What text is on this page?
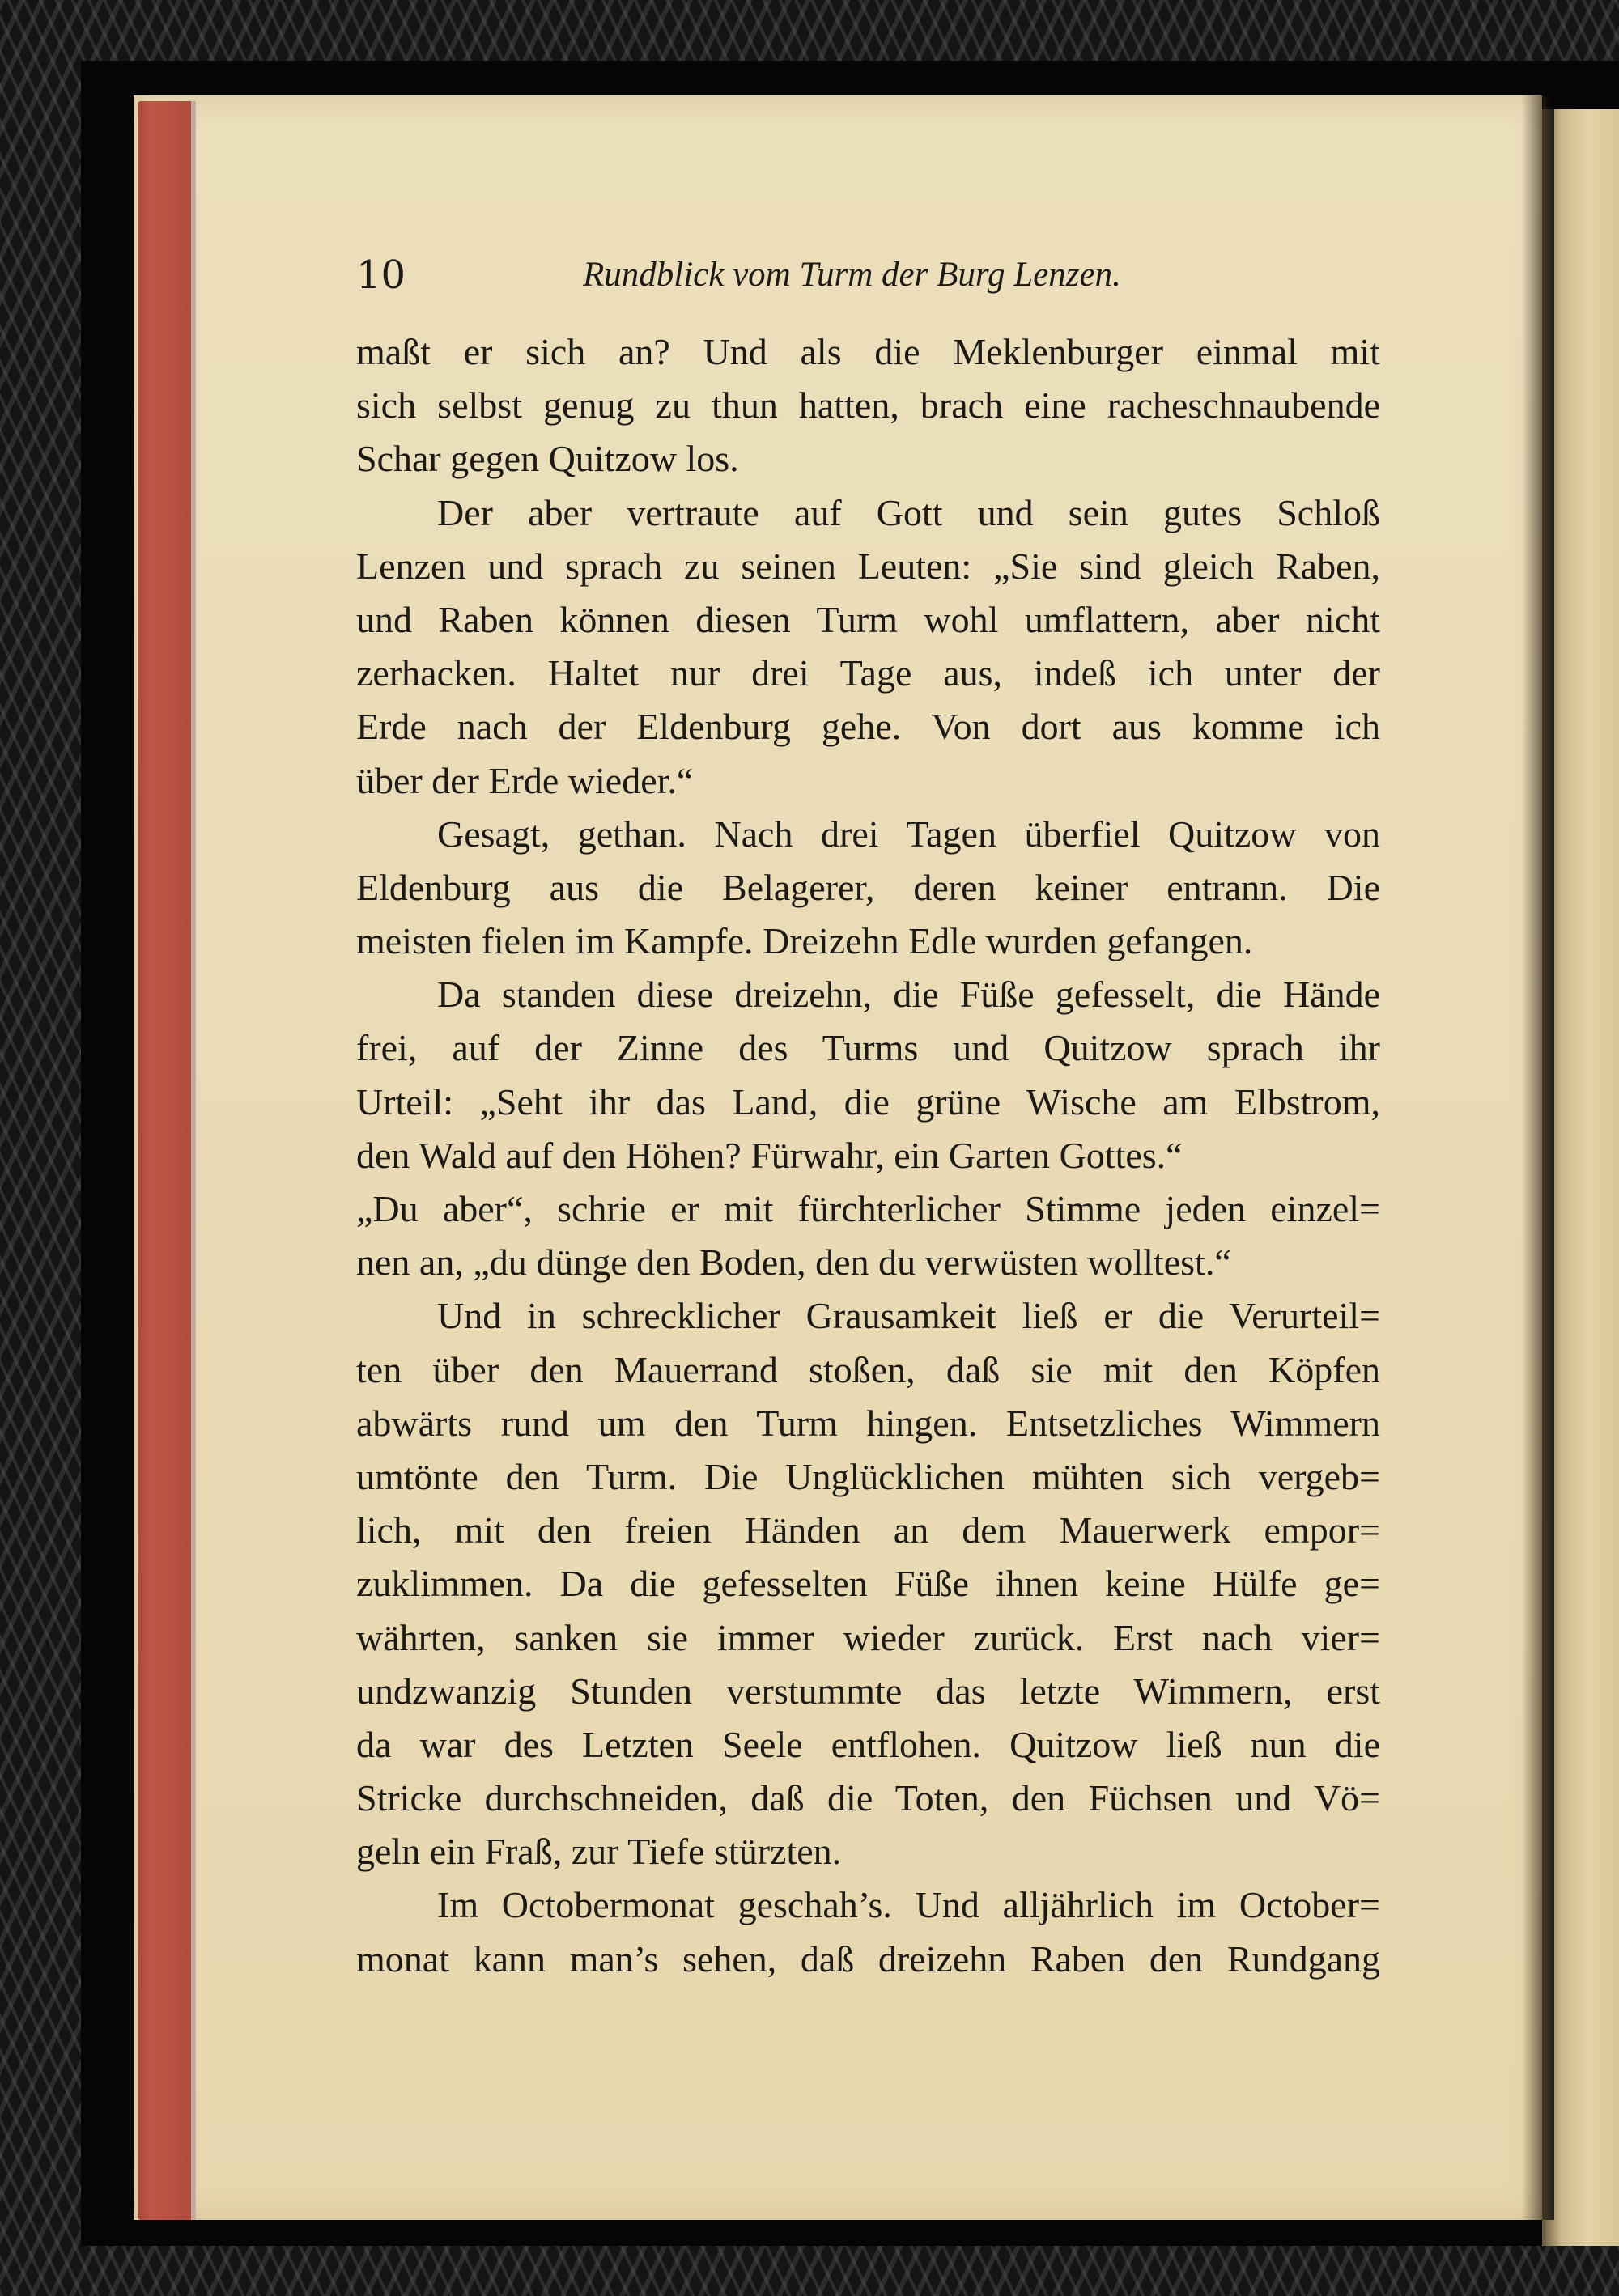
10	Rundblick vom Turm der Burg Lenzen.
maßt er sich an? Und als die Meklenburger einmal mit
sich selbst genug zu thun hatten, brach eine racheschnaubende
Schar gegen Quitzow los.
Der aber vertraute auf Gott und sein gutes Schloß
Lenzen und sprach zu seinen Leuten: „Sie sind gleich Raben,
und Raben können diesen Turm wohl umflattern, aber nicht
zerhacken. Haltet nur drei Tage aus, indeß ich unter der
Erde nach der Eldenburg gehe. Von dort aus komme ich
über der Erde wieder.“
Gesagt, gethan. Nach drei Tagen überfiel Quitzow von
Eldenburg aus die Belagerer, deren keiner entrann. Die
meisten fielen im Kampfe. Dreizehn Edle wurden gefangen.
Da standen diese dreizehn, die Füße gefesselt, die Hände
frei, auf der Zinne des Turms und Quitzow sprach ihr
Urteil: „Seht ihr das Land, die grüne Wische am Elbstrom,
den Wald auf den Höhen? Fürwahr, ein Garten Gottes.“
„Du aber“, schrie er mit fürchterlicher Stimme jeden einzel=
nen an, „du dünge den Boden, den du verwüsten wolltest.“
Und in schrecklicher Grausamkeit ließ er die Verurteil=
ten über den Mauerrand stoßen, daß sie mit den Köpfen
abwärts rund um den Turm hingen. Entsetzliches Wimmern
umtönte den Turm. Die Unglücklichen mühten sich vergeb=
lich, mit den freien Händen an dem Mauerwerk empor=
zuklimmen. Da die gefesselten Füße ihnen keine Hülfe ge=
währten, sanken sie immer wieder zurück. Erst nach vier=
undzwanzig Stunden verstummte das letzte Wimmern, erst
da war des Letzten Seele entflohen. Quitzow ließ nun die
Stricke durchschneiden, daß die Toten, den Füchsen und Vö=
geln ein Fraß, zur Tiefe stürzten.
Im Octobermonat geschah’s. Und alljährlich im October=
monat kann man’s sehen, daß dreizehn Raben den Rundgang
